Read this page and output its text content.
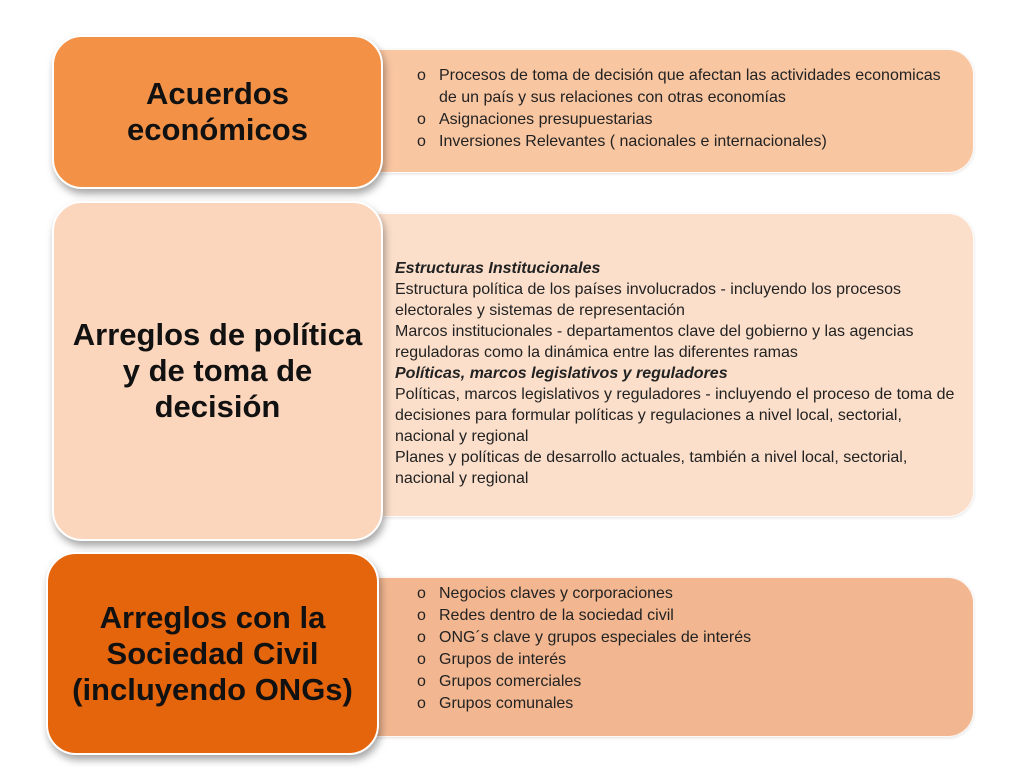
Acuerdos económicos
o Procesos de toma de decisión que afectan las actividades economicas de un país y sus relaciones con otras economías
o Asignaciones presupuestarias
o Inversiones Relevantes ( nacionales e internacionales)
Arreglos de política y de toma de decisión

Estructuras Institucionales

Estructura política de los países involucrados - incluyendo los procesos electorales y sistemas de representación

Marcos institucionales - departamentos clave del gobierno y las agencias reguladoras como la dinámica entre las diferentes ramas

Políticas, marcos legislativos y reguladores

Políticas, marcos legislativos y reguladores - incluyendo el proceso de toma de decisiones para formular políticas y regulaciones a nivel local, sectorial, nacional y regional

Planes y políticas de desarrollo actuales, también a nivel local, sectorial, nacional y regional

Arreglos con la Sociedad Civil (incluyendo ONGs)
o Negocios claves y corporaciones
o Redes dentro de la sociedad civil
o ONG´s clave y grupos especiales de interés
o Grupos de interés
o Grupos comerciales
o Grupos comunales
